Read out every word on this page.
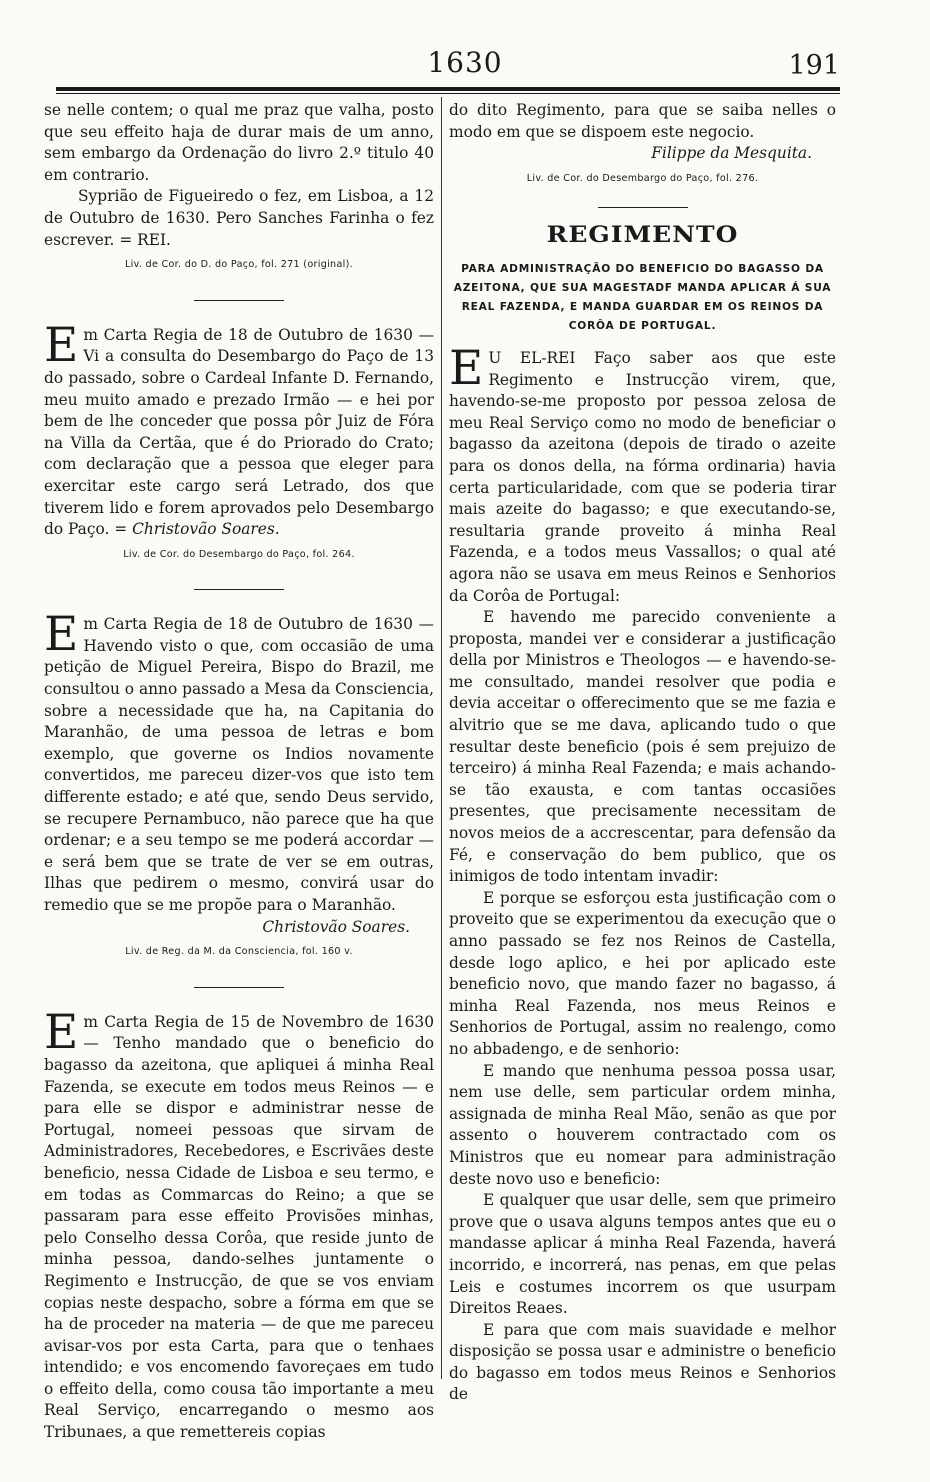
1630	191

se nelle contem; o qual me praz que valha, posto que seu effeito haja de durar mais de um anno, sem embargo da Ordenação do livro 2.º titulo 40 em contrario.

Syprião de Figueiredo o fez, em Lisboa, a 12 de Outubro de 1630. Pero Sanches Farinha o fez escrever. = REI.

Liv. de Cor. do D. do Paço, fol. 271 (original).

Em Carta Regia de 18 de Outubro de 1630 — Vi a consulta do Desembargo do Paço de 13 do passado, sobre o Cardeal Infante D. Fernando, meu muito amado e prezado Irmão — e hei por bem de lhe conceder que possa pôr Juiz de Fóra na Villa da Certãa, que é do Priorado do Crato; com declaração que a pessoa que eleger para exercitar este cargo será Letrado, dos que tiverem lido e forem aprovados pelo Desembargo do Paço. = Christovão Soares.

Liv. de Cor. do Desembargo do Paço, fol. 264.

Em Carta Regia de 18 de Outubro de 1630 — Havendo visto o que, com occasião de uma petição de Miguel Pereira, Bispo do Brazil, me consultou o anno passado a Mesa da Consciencia, sobre a necessidade que ha, na Capitania do Maranhão, de uma pessoa de letras e bom exemplo, que governe os Indios novamente convertidos, me pareceu dizer-vos que isto tem differente estado; e até que, sendo Deus servido, se recupere Pernambuco, não parece que ha que ordenar; e a seu tempo se me poderá accordar — e será bem que se trate de ver se em outras, Ilhas que pedirem o mesmo, convirá usar do remedio que se me propõe para o Maranhão.

Christovão Soares.

Liv. de Reg. da M. da Consciencia, fol. 160 v.

Em Carta Regia de 15 de Novembro de 1630 — Tenho mandado que o beneficio do bagasso da azeitona, que apliquei á minha Real Fazenda, se execute em todos meus Reinos — e para elle se dispor e administrar nesse de Portugal, nomeei pessoas que sirvam de Administradores, Recebedores, e Escrivães deste beneficio, nessa Cidade de Lisboa e seu termo, e em todas as Commarcas do Reino; a que se passaram para esse effeito Provisões minhas, pelo Conselho dessa Corôa, que reside junto de minha pessoa, dando-selhes juntamente o Regimento e Instrucção, de que se vos enviam copias neste despacho, sobre a fórma em que se ha de proceder na materia — de que me pareceu avisar-vos por esta Carta, para que o tenhaes intendido; e vos encomendo favoreçaes em tudo o effeito della, como cousa tão importante a meu Real Serviço, encarregando o mesmo aos Tribunaes, a que remettereis copias

do dito Regimento, para que se saiba nelles o modo em que se dispoem este negocio.

Filippe da Mesquita.

Liv. de Cor. do Desembargo do Paço, fol. 276.

REGIMENTO

PARA ADMINISTRAÇÃO DO BENEFICIO DO BAGASSO DA AZEITONA, QUE SUA MAGESTADF MANDA APLICAR Á SUA REAL FAZENDA, E MANDA GUARDAR EM OS REINOS DA CORÔA DE PORTUGAL.

E U EL-REI Faço saber aos que este Regimento e Instrucção virem, que, havendo-se-me proposto por pessoa zelosa de meu Real Serviço como no modo de beneficiar o bagasso da azeitona (depois de tirado o azeite para os donos della, na fórma ordinaria) havia certa particularidade, com que se poderia tirar mais azeite do bagasso; e que executando-se, resultaria grande proveito á minha Real Fazenda, e a todos meus Vassallos; o qual até agora não se usava em meus Reinos e Senhorios da Corôa de Portugal:

E havendo me parecido conveniente a proposta, mandei ver e considerar a justificação della por Ministros e Theologos — e havendo-se-me consultado, mandei resolver que podia e devia acceitar o offerecimento que se me fazia e alvitrio que se me dava, aplicando tudo o que resultar deste beneficio (pois é sem prejuizo de terceiro) á minha Real Fazenda; e mais achando-se tão exausta, e com tantas occasiões presentes, que precisamente necessitam de novos meios de a accrescentar, para defensão da Fé, e conservação do bem publico, que os inimigos de todo intentam invadir:

E porque se esforçou esta justificação com o proveito que se experimentou da execução que o anno passado se fez nos Reinos de Castella, desde logo aplico, e hei por aplicado este beneficio novo, que mando fazer no bagasso, á minha Real Fazenda, nos meus Reinos e Senhorios de Portugal, assim no realengo, como no abbadengo, e de senhorio:

E mando que nenhuma pessoa possa usar, nem use delle, sem particular ordem minha, assignada de minha Real Mão, senão as que por assento o houverem contractado com os Ministros que eu nomear para administração deste novo uso e beneficio:

E qualquer que usar delle, sem que primeiro prove que o usava alguns tempos antes que eu o mandasse aplicar á minha Real Fazenda, haverá incorrido, e incorrerá, nas penas, em que pelas Leis e costumes incorrem os que usurpam Direitos Reaes.

E para que com mais suavidade e melhor disposição se possa usar e administre o beneficio do bagasso em todos meus Reinos e Senhorios de
